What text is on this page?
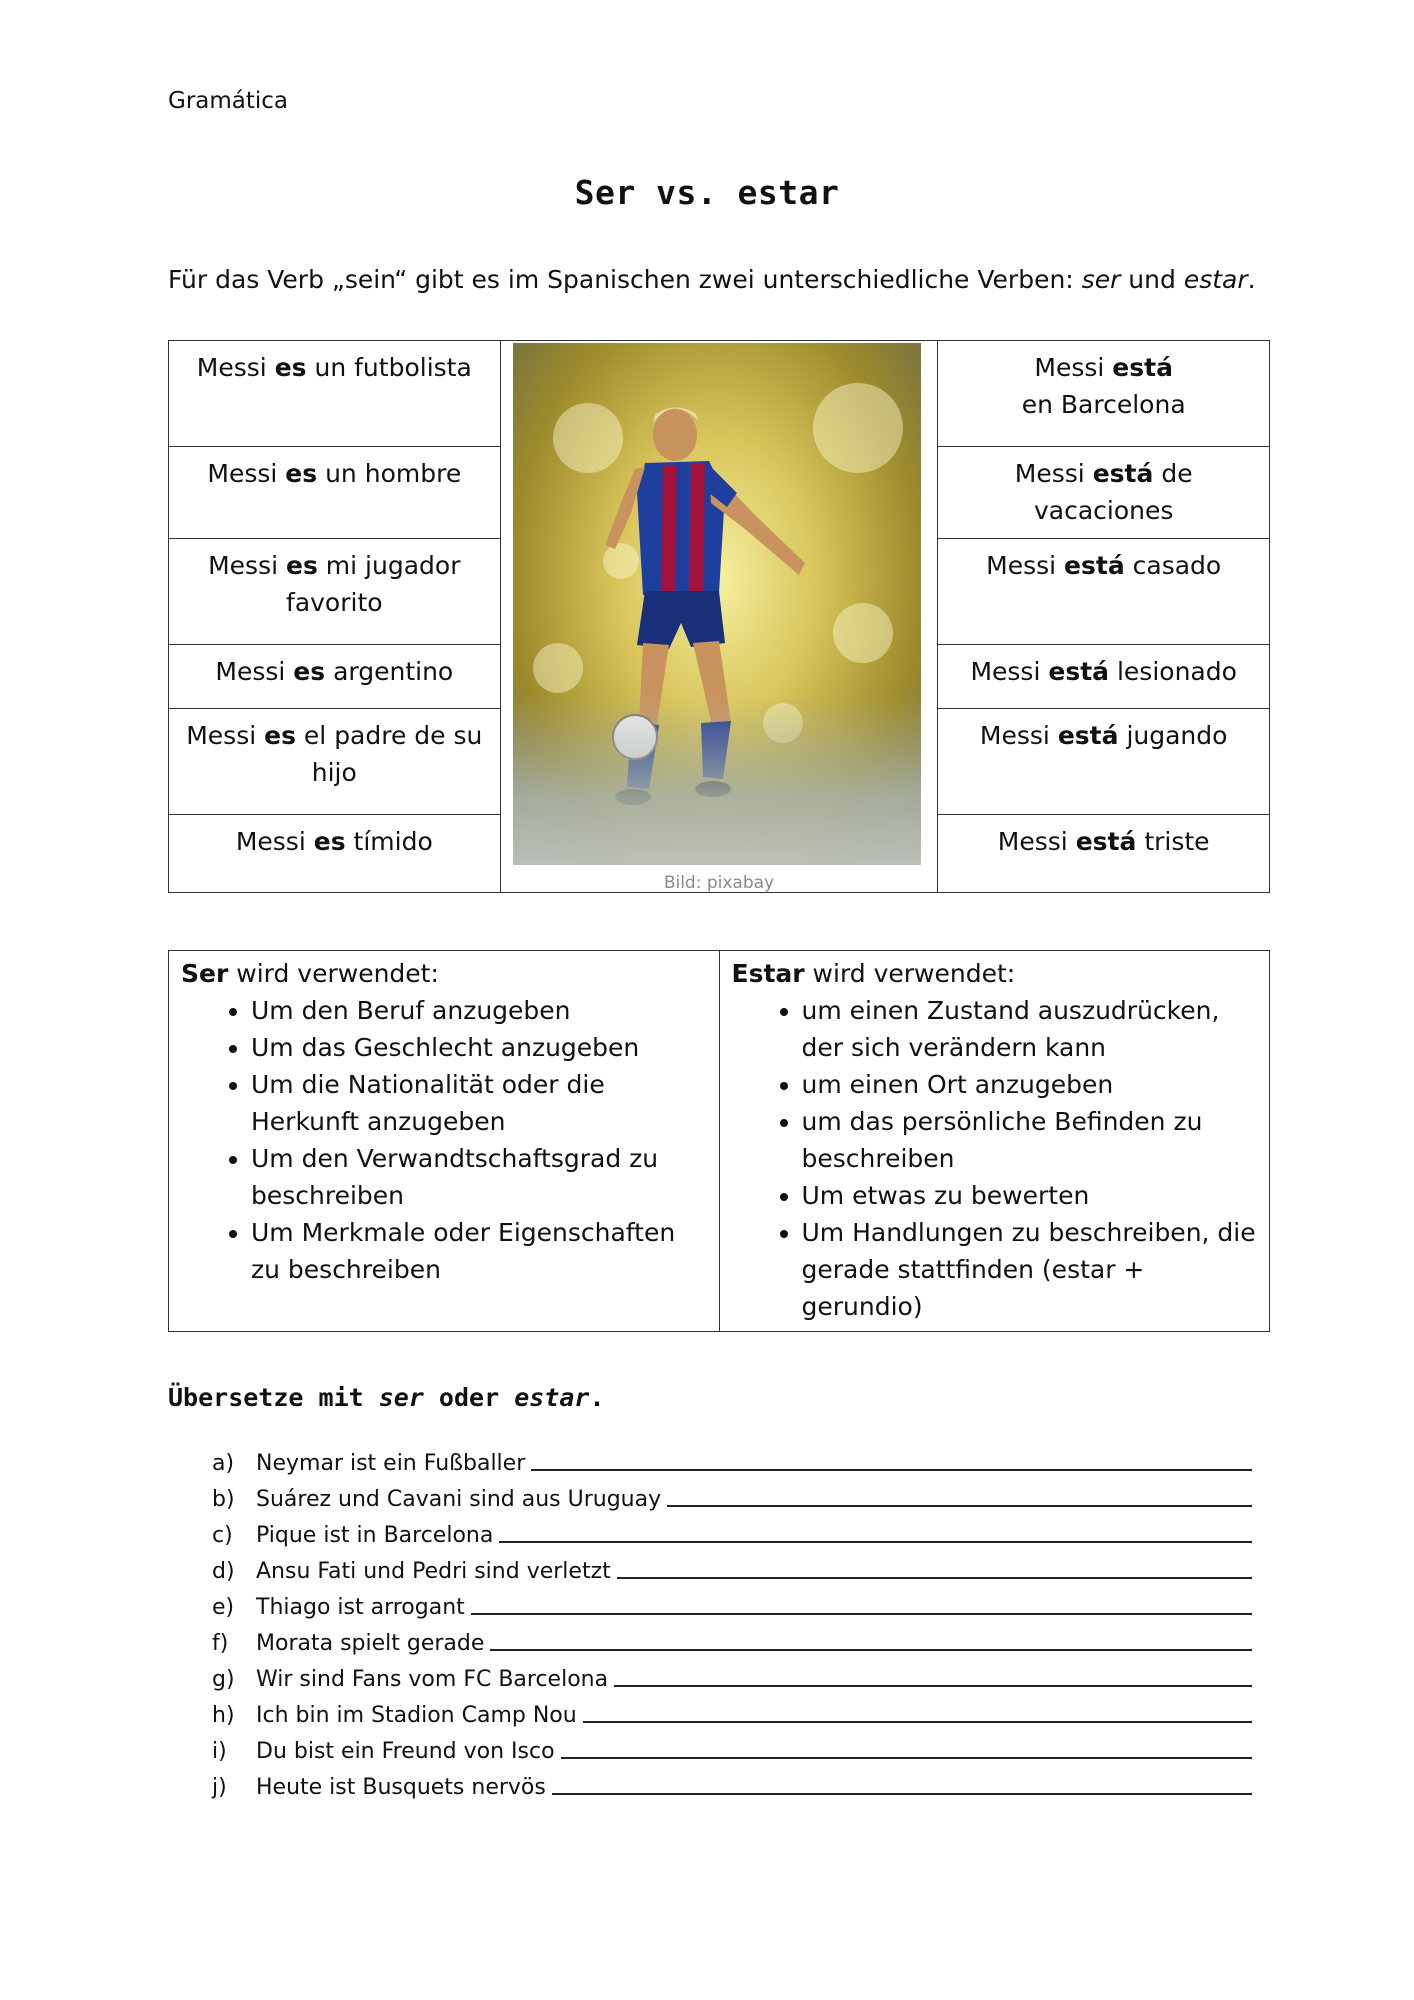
Gramática
Ser vs. estar
Für das Verb „sein“ gibt es im Spanischen zwei unterschiedliche Verben: ser und estar.
Messi es un futbolista	Bild: pixabay	Messi está
en Barcelona
Messi es un hombre		Messi está de vacaciones
Messi es mi jugador favorito		Messi está casado
Messi es argentino		Messi está lesionado
Messi es el padre de su hijo		Messi está jugando
Messi es tímido		Messi está triste
Ser wird verwendet:
• Um den Beruf anzugeben
• Um das Geschlecht anzugeben
• Um die Nationalität oder die Herkunft anzugeben
• Um den Verwandtschaftsgrad zu beschreiben
• Um Merkmale oder Eigenschaften zu beschreiben

Estar wird verwendet:
• um einen Zustand auszudrücken, der sich verändern kann
• um einen Ort anzugeben
• um das persönliche Befinden zu beschreiben
• Um etwas zu bewerten
• Um Handlungen zu beschreiben, die gerade stattfinden (estar + gerundio)
Übersetze mit ser oder estar.
a) Neymar ist ein Fußballer
b) Suárez und Cavani sind aus Uruguay
c)	Pique ist in Barcelona
d) Ansu Fati und Pedri sind verletzt
e) Thiago ist arrogant
f)	Morata spielt gerade
g) Wir sind Fans vom FC Barcelona
h) Ich bin im Stadion Camp Nou
i)	Du bist ein Freund von Isco
j)	Heute ist Busquets nervös
